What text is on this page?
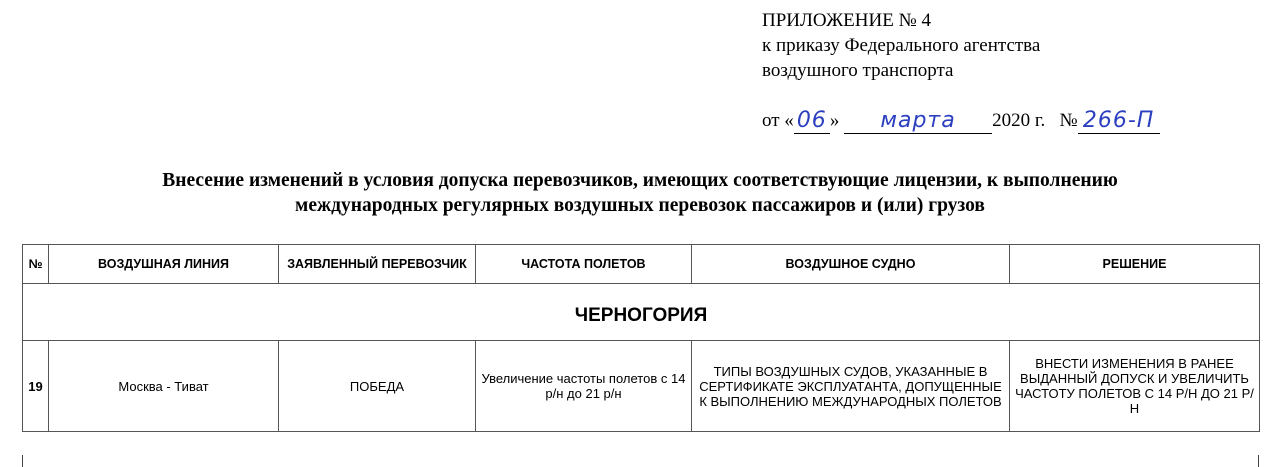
ПРИЛОЖЕНИЕ № 4
к приказу Федерального агентства
воздушного транспорта
от « 06 » марта 2020 г. № 266-П
Внесение изменений в условия допуска перевозчиков, имеющих соответствующие лицензии, к выполнению
международных регулярных воздушных перевозок пассажиров и (или) грузов
№	ВОЗДУШНАЯ ЛИНИЯ	ЗАЯВЛЕННЫЙ ПЕРЕВОЗЧИК	ЧАСТОТА ПОЛЕТОВ	ВОЗДУШНОЕ СУДНО	РЕШЕНИЕ

ЧЕРНОГОРИЯ					
19	Москва - Тиват	ПОБЕДА	Увеличение частоты полетов с 14 р/н до 21 р/н	ТИПЫ ВОЗДУШНЫХ СУДОВ, УКАЗАННЫЕ В СЕРТИФИКАТЕ ЭКСПЛУАТАНТА, ДОПУЩЕННЫЕ К ВЫПОЛНЕНИЮ МЕЖДУНАРОДНЫХ ПОЛЕТОВ	ВНЕСТИ ИЗМЕНЕНИЯ В РАНЕЕ ВЫДАННЫЙ ДОПУСК И УВЕЛИЧИТЬ ЧАСТОТУ ПОЛЕТОВ С 14 Р/Н ДО 21 Р/Н
